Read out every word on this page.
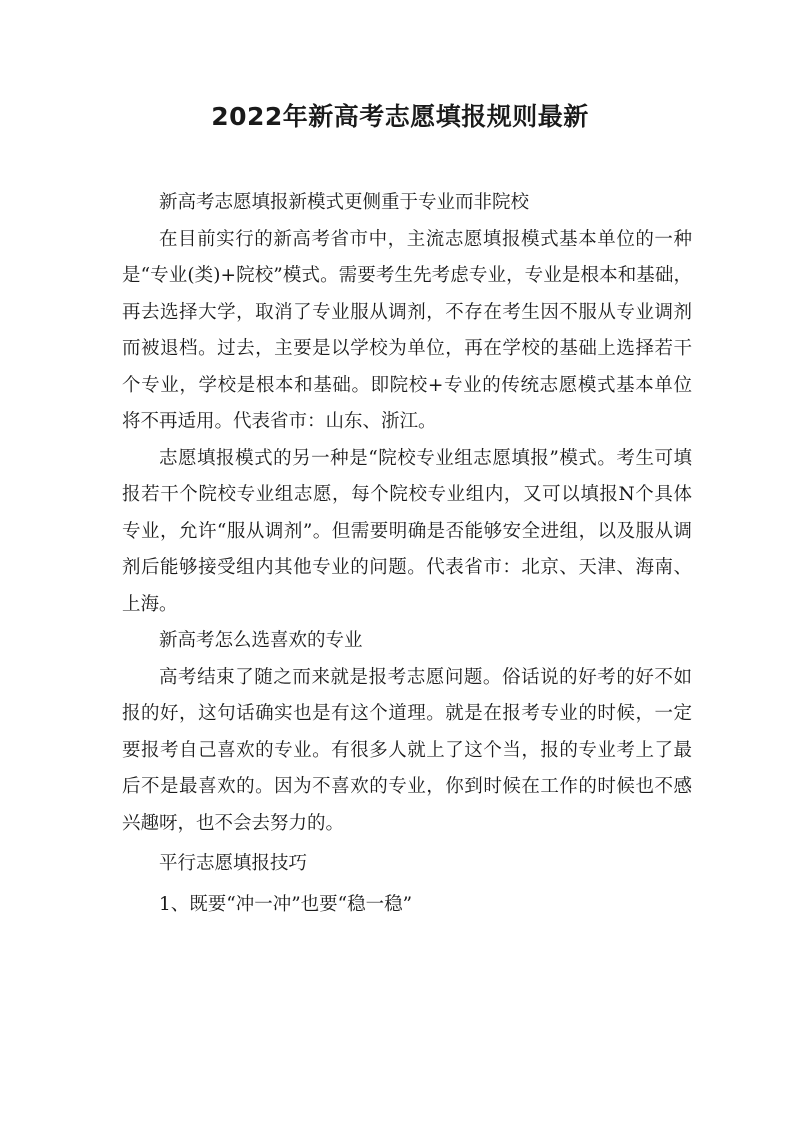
2022年新高考志愿填报规则最新

新高考志愿填报新模式更侧重于专业而非院校

在目前实行的新高考省市中，主流志愿填报模式基本单位的一种是“专业(类)+院校”模式。需要考生先考虑专业，专业是根本和基础，再去选择大学，取消了专业服从调剂，不存在考生因不服从专业调剂而被退档。过去，主要是以学校为单位，再在学校的基础上选择若干个专业，学校是根本和基础。即院校+专业的传统志愿模式基本单位将不再适用。代表省市：山东、浙江。

志愿填报模式的另一种是“院校专业组志愿填报”模式。考生可填报若干个院校专业组志愿，每个院校专业组内，又可以填报N个具体专业，允许“服从调剂”。但需要明确是否能够安全进组，以及服从调剂后能够接受组内其他专业的问题。代表省市：北京、天津、海南、上海。

新高考怎么选喜欢的专业

高考结束了随之而来就是报考志愿问题。俗话说的好考的好不如报的好，这句话确实也是有这个道理。就是在报考专业的时候，一定要报考自己喜欢的专业。有很多人就上了这个当，报的专业考上了最后不是最喜欢的。因为不喜欢的专业，你到时候在工作的时候也不感兴趣呀，也不会去努力的。

平行志愿填报技巧

1、既要“冲一冲”也要“稳一稳”
